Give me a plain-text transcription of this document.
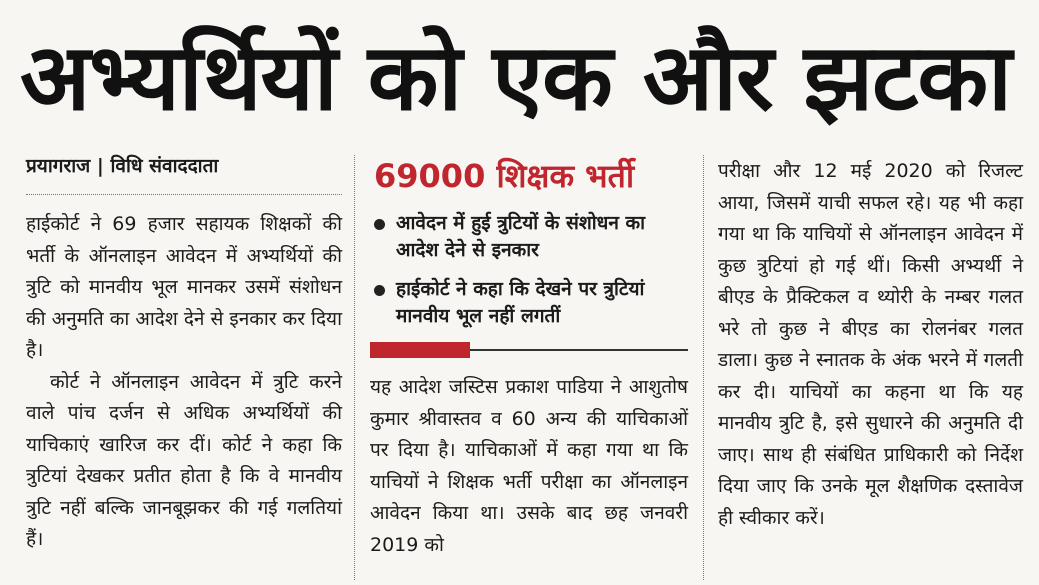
अभ्यर्थियों को एक और झटका
प्रयागराज | विधि संवाददाता

हाईकोर्ट ने 69 हजार सहायक शिक्षकों की भर्ती के ऑनलाइन आवेदन में अभ्यर्थियों की त्रुटि को मानवीय भूल मानकर उसमें संशोधन की अनुमति का आदेश देने से इनकार कर दिया है।

कोर्ट ने ऑनलाइन आवेदन में त्रुटि करने वाले पांच दर्जन से अधिक अभ्यर्थियों की याचिकाएं खारिज कर दीं। कोर्ट ने कहा कि त्रुटियां देखकर प्रतीत होता है कि वे मानवीय त्रुटि नहीं बल्कि जानबूझकर की गई गलतियां हैं।

69000 शिक्षक भर्ती
आवेदन में हुई त्रुटियों के संशोधन का आदेश देने से इनकार
हाईकोर्ट ने कहा कि देखने पर त्रुटियां मानवीय भूल नहीं लगतीं

यह आदेश जस्टिस प्रकाश पाडिया ने आशुतोष कुमार श्रीवास्तव व 60 अन्य की याचिकाओं पर दिया है। याचिकाओं में कहा गया था कि याचियों ने शिक्षक भर्ती परीक्षा का ऑनलाइन आवेदन किया था। उसके बाद छह जनवरी 2019 को

परीक्षा और 12 मई 2020 को रिजल्ट आया, जिसमें याची सफल रहे। यह भी कहा गया था कि याचियों से ऑनलाइन आवेदन में कुछ त्रुटियां हो गई थीं। किसी अभ्यर्थी ने बीएड के प्रैक्टिकल व थ्योरी के नम्बर गलत भरे तो कुछ ने बीएड का रोलनंबर गलत डाला। कुछ ने स्नातक के अंक भरने में गलती कर दी। याचियों का कहना था कि यह मानवीय त्रुटि है, इसे सुधारने की अनुमति दी जाए। साथ ही संबंधित प्राधिकारी को निर्देश दिया जाए कि उनके मूल शैक्षणिक दस्तावेज ही स्वीकार करें।
